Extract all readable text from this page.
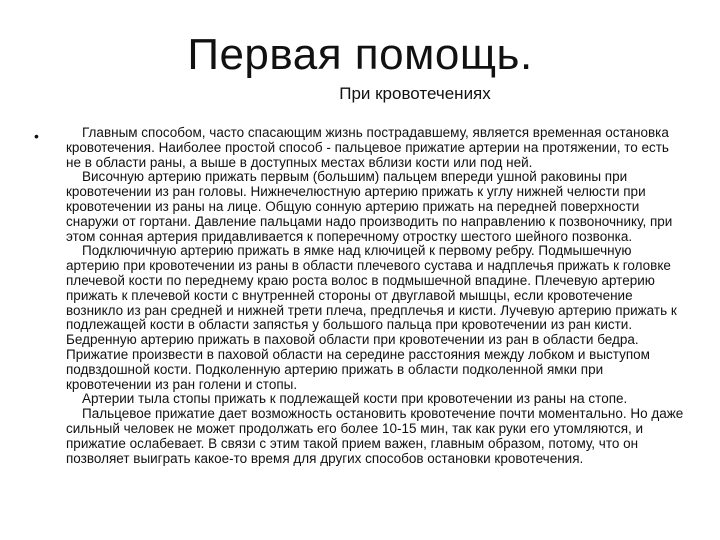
Первая помощь.
При кровотечениях
•	Главным способом, часто спасающим жизнь пострадавшему, является временная остановка кровотечения. Наиболее простой способ - пальцевое прижатие артерии на протяжении, то есть не в области раны, а выше в доступных местах вблизи кости или под ней.

Височную артерию прижать первым (большим) пальцем впереди ушной раковины при кровотечении из ран головы. Нижнечелюстную артерию прижать к углу нижней челюсти при кровотечении из раны на лице. Общую сонную артерию прижать на передней поверхности снаружи от гортани. Давление пальцами надо производить по направлению к позвоночнику, при этом сонная артерия придавливается к поперечному отростку шестого шейного позвонка.

Подключичную артерию прижать в ямке над ключицей к первому ребру. Подмышечную артерию при кровотечении из раны в области плечевого сустава и надплечья прижать к головке плечевой кости по переднему краю роста волос в подмышечной впадине. Плечевую артерию прижать к плечевой кости с внутренней стороны от двуглавой мышцы, если кровотечение возникло из ран средней и нижней трети плеча, предплечья и кисти. Лучевую артерию прижать к подлежащей кости в области запястья у большого пальца при кровотечении из ран кисти. Бедренную артерию прижать в паховой области при кровотечении из ран в области бедра. Прижатие произвести в паховой области на середине расстояния между лобком и выступом подвздошной кости. Подколенную артерию прижать в области подколенной ямки при кровотечении из ран голени и стопы.

Артерии тыла стопы прижать к подлежащей кости при кровотечении из раны на стопе.

Пальцевое прижатие дает возможность остановить кровотечение почти моментально. Но даже сильный человек не может продолжать его более 10-15 мин, так как руки его утомляются, и прижатие ослабевает. В связи с этим такой прием важен, главным образом, потому, что он позволяет выиграть какое-то время для других способов остановки кровотечения.
